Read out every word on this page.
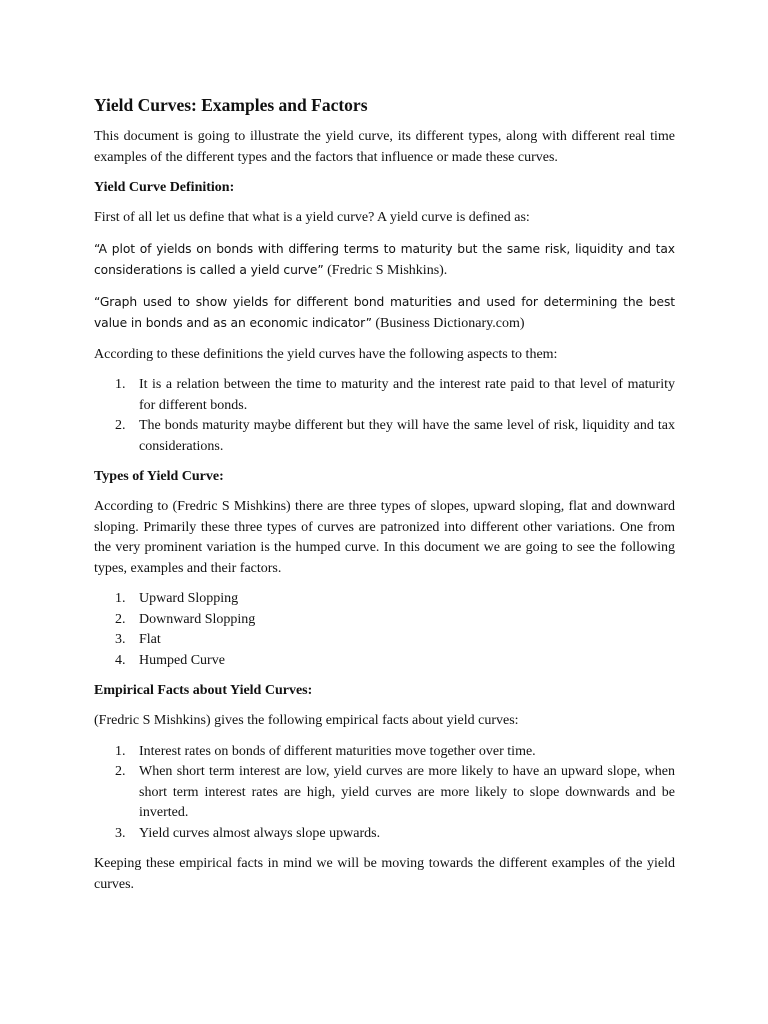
Yield Curves: Examples and Factors

This document is going to illustrate the yield curve, its different types, along with different real time examples of the different types and the factors that influence or made these curves.

Yield Curve Definition:

First of all let us define that what is a yield curve? A yield curve is defined as:

“A plot of yields on bonds with differing terms to maturity but the same risk, liquidity and tax considerations is called a yield curve” (Fredric S Mishkins).

“Graph used to show yields for different bond maturities and used for determining the best value in bonds and as an economic indicator” (Business Dictionary.com)

According to these definitions the yield curves have the following aspects to them:

1. It is a relation between the time to maturity and the interest rate paid to that level of maturity for different bonds.
2. The bonds maturity maybe different but they will have the same level of risk, liquidity and tax considerations.
Types of Yield Curve:

According to (Fredric S Mishkins) there are three types of slopes, upward sloping, flat and downward sloping. Primarily these three types of curves are patronized into different other variations. One from the very prominent variation is the humped curve. In this document we are going to see the following types, examples and their factors.

1. Upward Slopping
2. Downward Slopping
3. Flat
4. Humped Curve
Empirical Facts about Yield Curves:

(Fredric S Mishkins) gives the following empirical facts about yield curves:

1. Interest rates on bonds of different maturities move together over time.
2. When short term interest are low, yield curves are more likely to have an upward slope, when short term interest rates are high, yield curves are more likely to slope downwards and be inverted.
3. Yield curves almost always slope upwards.

Keeping these empirical facts in mind we will be moving towards the different examples of the yield curves.
